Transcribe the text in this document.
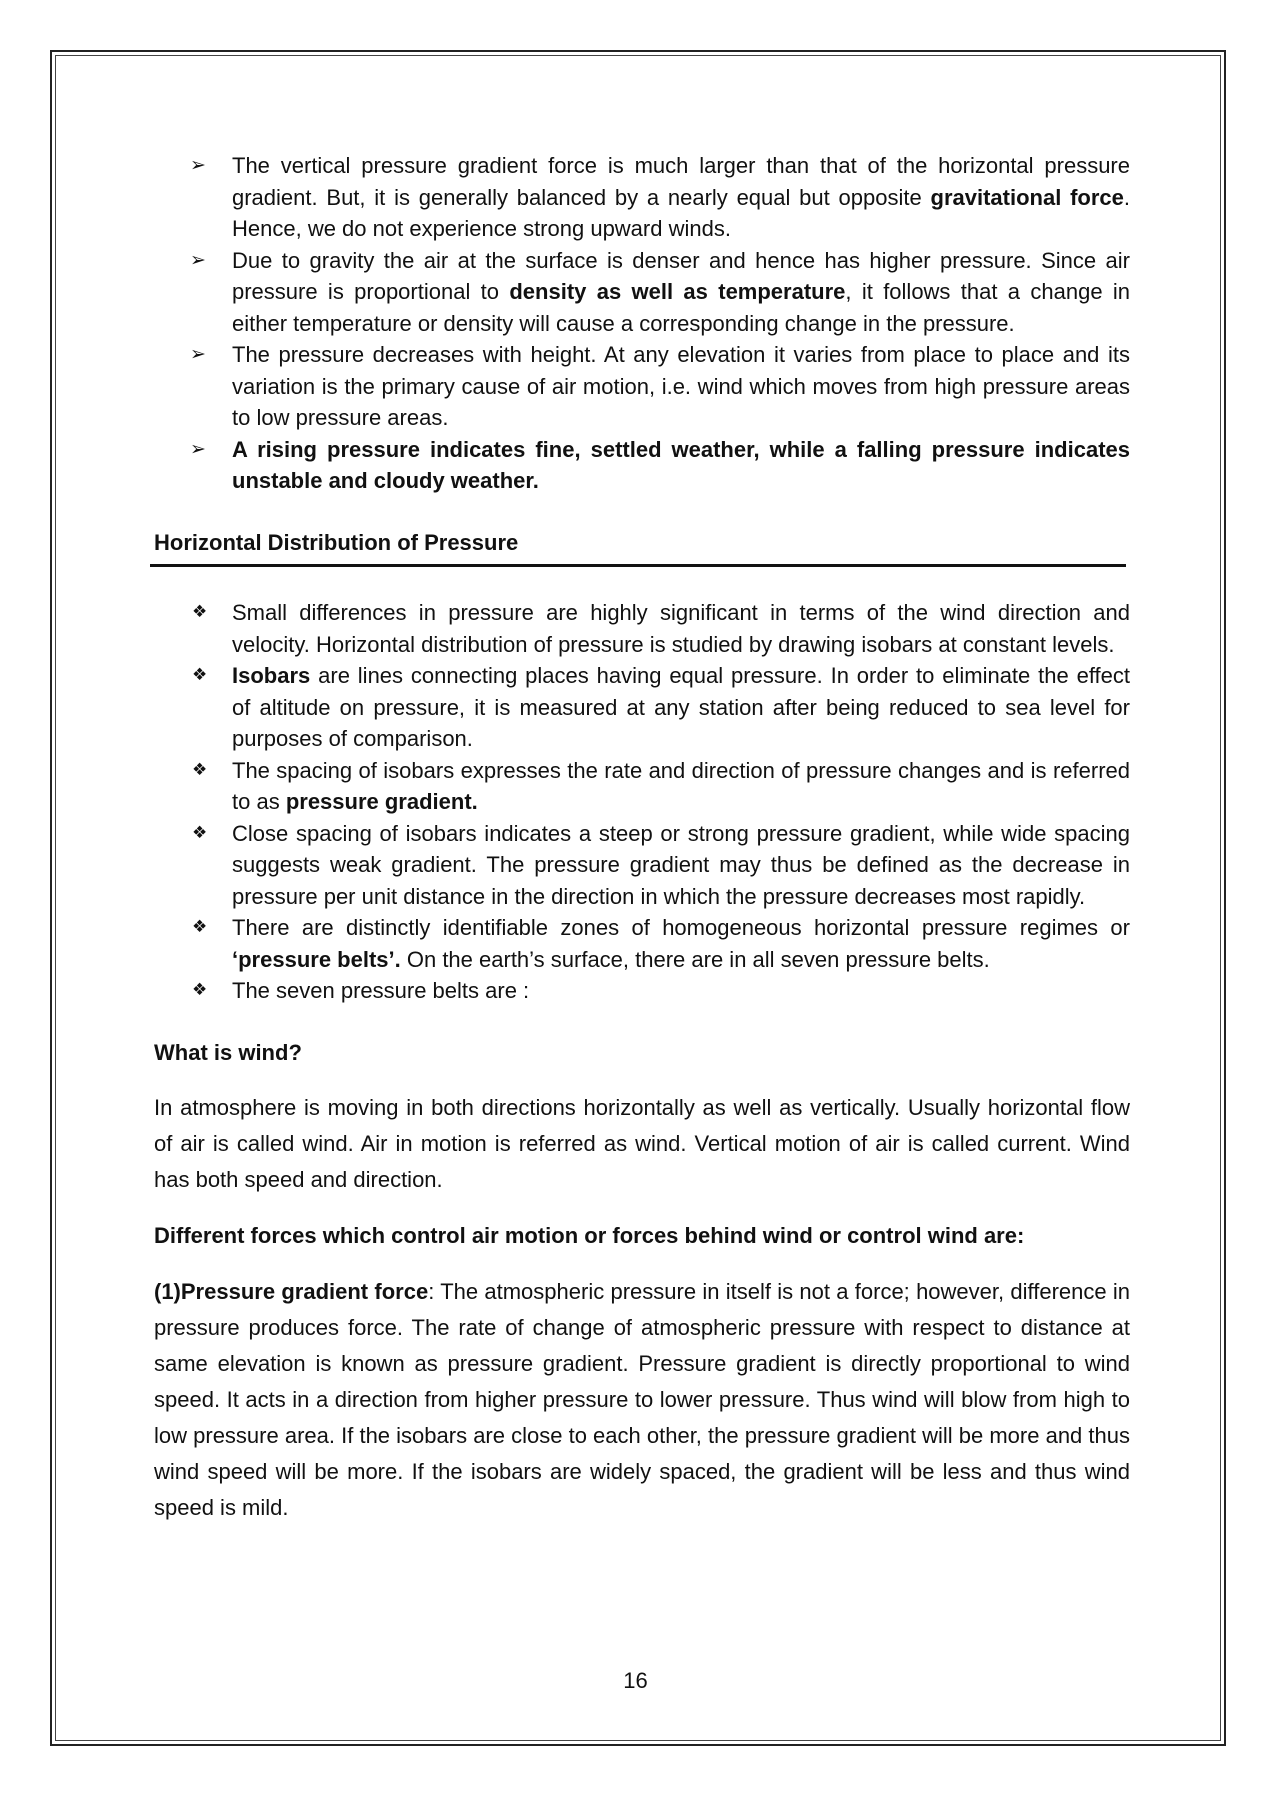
➢ The vertical pressure gradient force is much larger than that of the horizontal pressure gradient. But, it is generally balanced by a nearly equal but opposite gravitational force. Hence, we do not experience strong upward winds.
➢ Due to gravity the air at the surface is denser and hence has higher pressure. Since air pressure is proportional to density as well as temperature, it follows that a change in either temperature or density will cause a corresponding change in the pressure.
➢ The pressure decreases with height. At any elevation it varies from place to place and its variation is the primary cause of air motion, i.e. wind which moves from high pressure areas to low pressure areas.
➢ A rising pressure indicates fine, settled weather, while a falling pressure indicates unstable and cloudy weather.
Horizontal Distribution of Pressure
❖ Small differences in pressure are highly significant in terms of the wind direction and velocity. Horizontal distribution of pressure is studied by drawing isobars at constant levels.
❖ Isobars are lines connecting places having equal pressure. In order to eliminate the effect of altitude on pressure, it is measured at any station after being reduced to sea level for purposes of comparison.
❖ The spacing of isobars expresses the rate and direction of pressure changes and is referred to as pressure gradient.
❖ Close spacing of isobars indicates a steep or strong pressure gradient, while wide spacing suggests weak gradient. The pressure gradient may thus be defined as the decrease in pressure per unit distance in the direction in which the pressure decreases most rapidly.
❖ There are distinctly identifiable zones of homogeneous horizontal pressure regimes or ‘pressure belts’. On the earth’s surface, there are in all seven pressure belts.
❖ The seven pressure belts are :
What is wind?

In atmosphere is moving in both directions horizontally as well as vertically. Usually horizontal flow of air is called wind. Air in motion is referred as wind. Vertical motion of air is called current. Wind has both speed and direction.

Different forces which control air motion or forces behind wind or control wind are:

(1)Pressure gradient force: The atmospheric pressure in itself is not a force; however, difference in pressure produces force. The rate of change of atmospheric pressure with respect to distance at same elevation is known as pressure gradient. Pressure gradient is directly proportional to wind speed. It acts in a direction from higher pressure to lower pressure. Thus wind will blow from high to low pressure area. If the isobars are close to each other, the pressure gradient will be more and thus wind speed will be more. If the isobars are widely spaced, the gradient will be less and thus wind speed is mild.

16
